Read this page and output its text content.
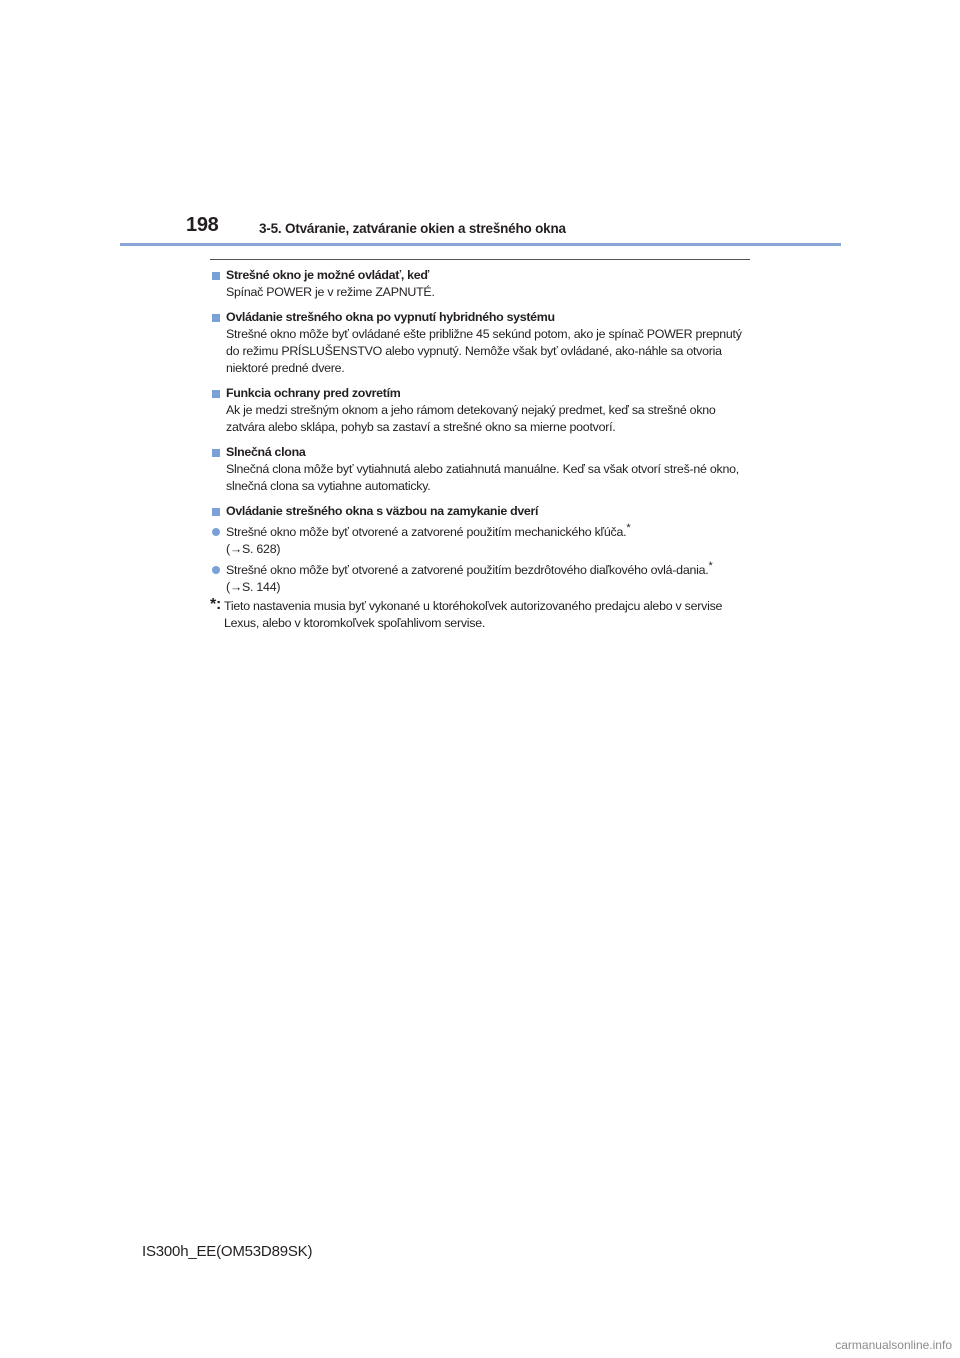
198	3-5. Otváranie, zatváranie okien a strešného okna
Strešné okno je možné ovládať, keď
Spínač POWER je v režime ZAPNUTÉ.
Ovládanie strešného okna po vypnutí hybridného systému
Strešné okno môže byť ovládané ešte približne 45 sekúnd potom, ako je spínač POWER prepnutý do režimu PRÍSLUŠENSTVO alebo vypnutý. Nemôže však byť ovládané, ako-náhle sa otvoria niektoré predné dvere.
Funkcia ochrany pred zovretím
Ak je medzi strešným oknom a jeho rámom detekovaný nejaký predmet, keď sa strešné okno zatvára alebo sklápa, pohyb sa zastaví a strešné okno sa mierne pootvorí.
Slnečná clona
Slnečná clona môže byť vytiahnutá alebo zatiahnutá manuálne. Keď sa však otvorí streš-né okno, slnečná clona sa vytiahne automaticky.
Ovládanie strešného okna s väzbou na zamykanie dverí
Strešné okno môže byť otvorené a zatvorené použitím mechanického kľúča.*
(→S. 628)
Strešné okno môže byť otvorené a zatvorené použitím bezdrôtového diaľkového ovlá-dania.* (→S. 144)
*: Tieto nastavenia musia byť vykonané u ktoréhokoľvek autorizovaného predajcu alebo v servise Lexus, alebo v ktoromkoľvek spoľahlivom servise.
IS300h_EE(OM53D89SK)
carmanualsonline.info
